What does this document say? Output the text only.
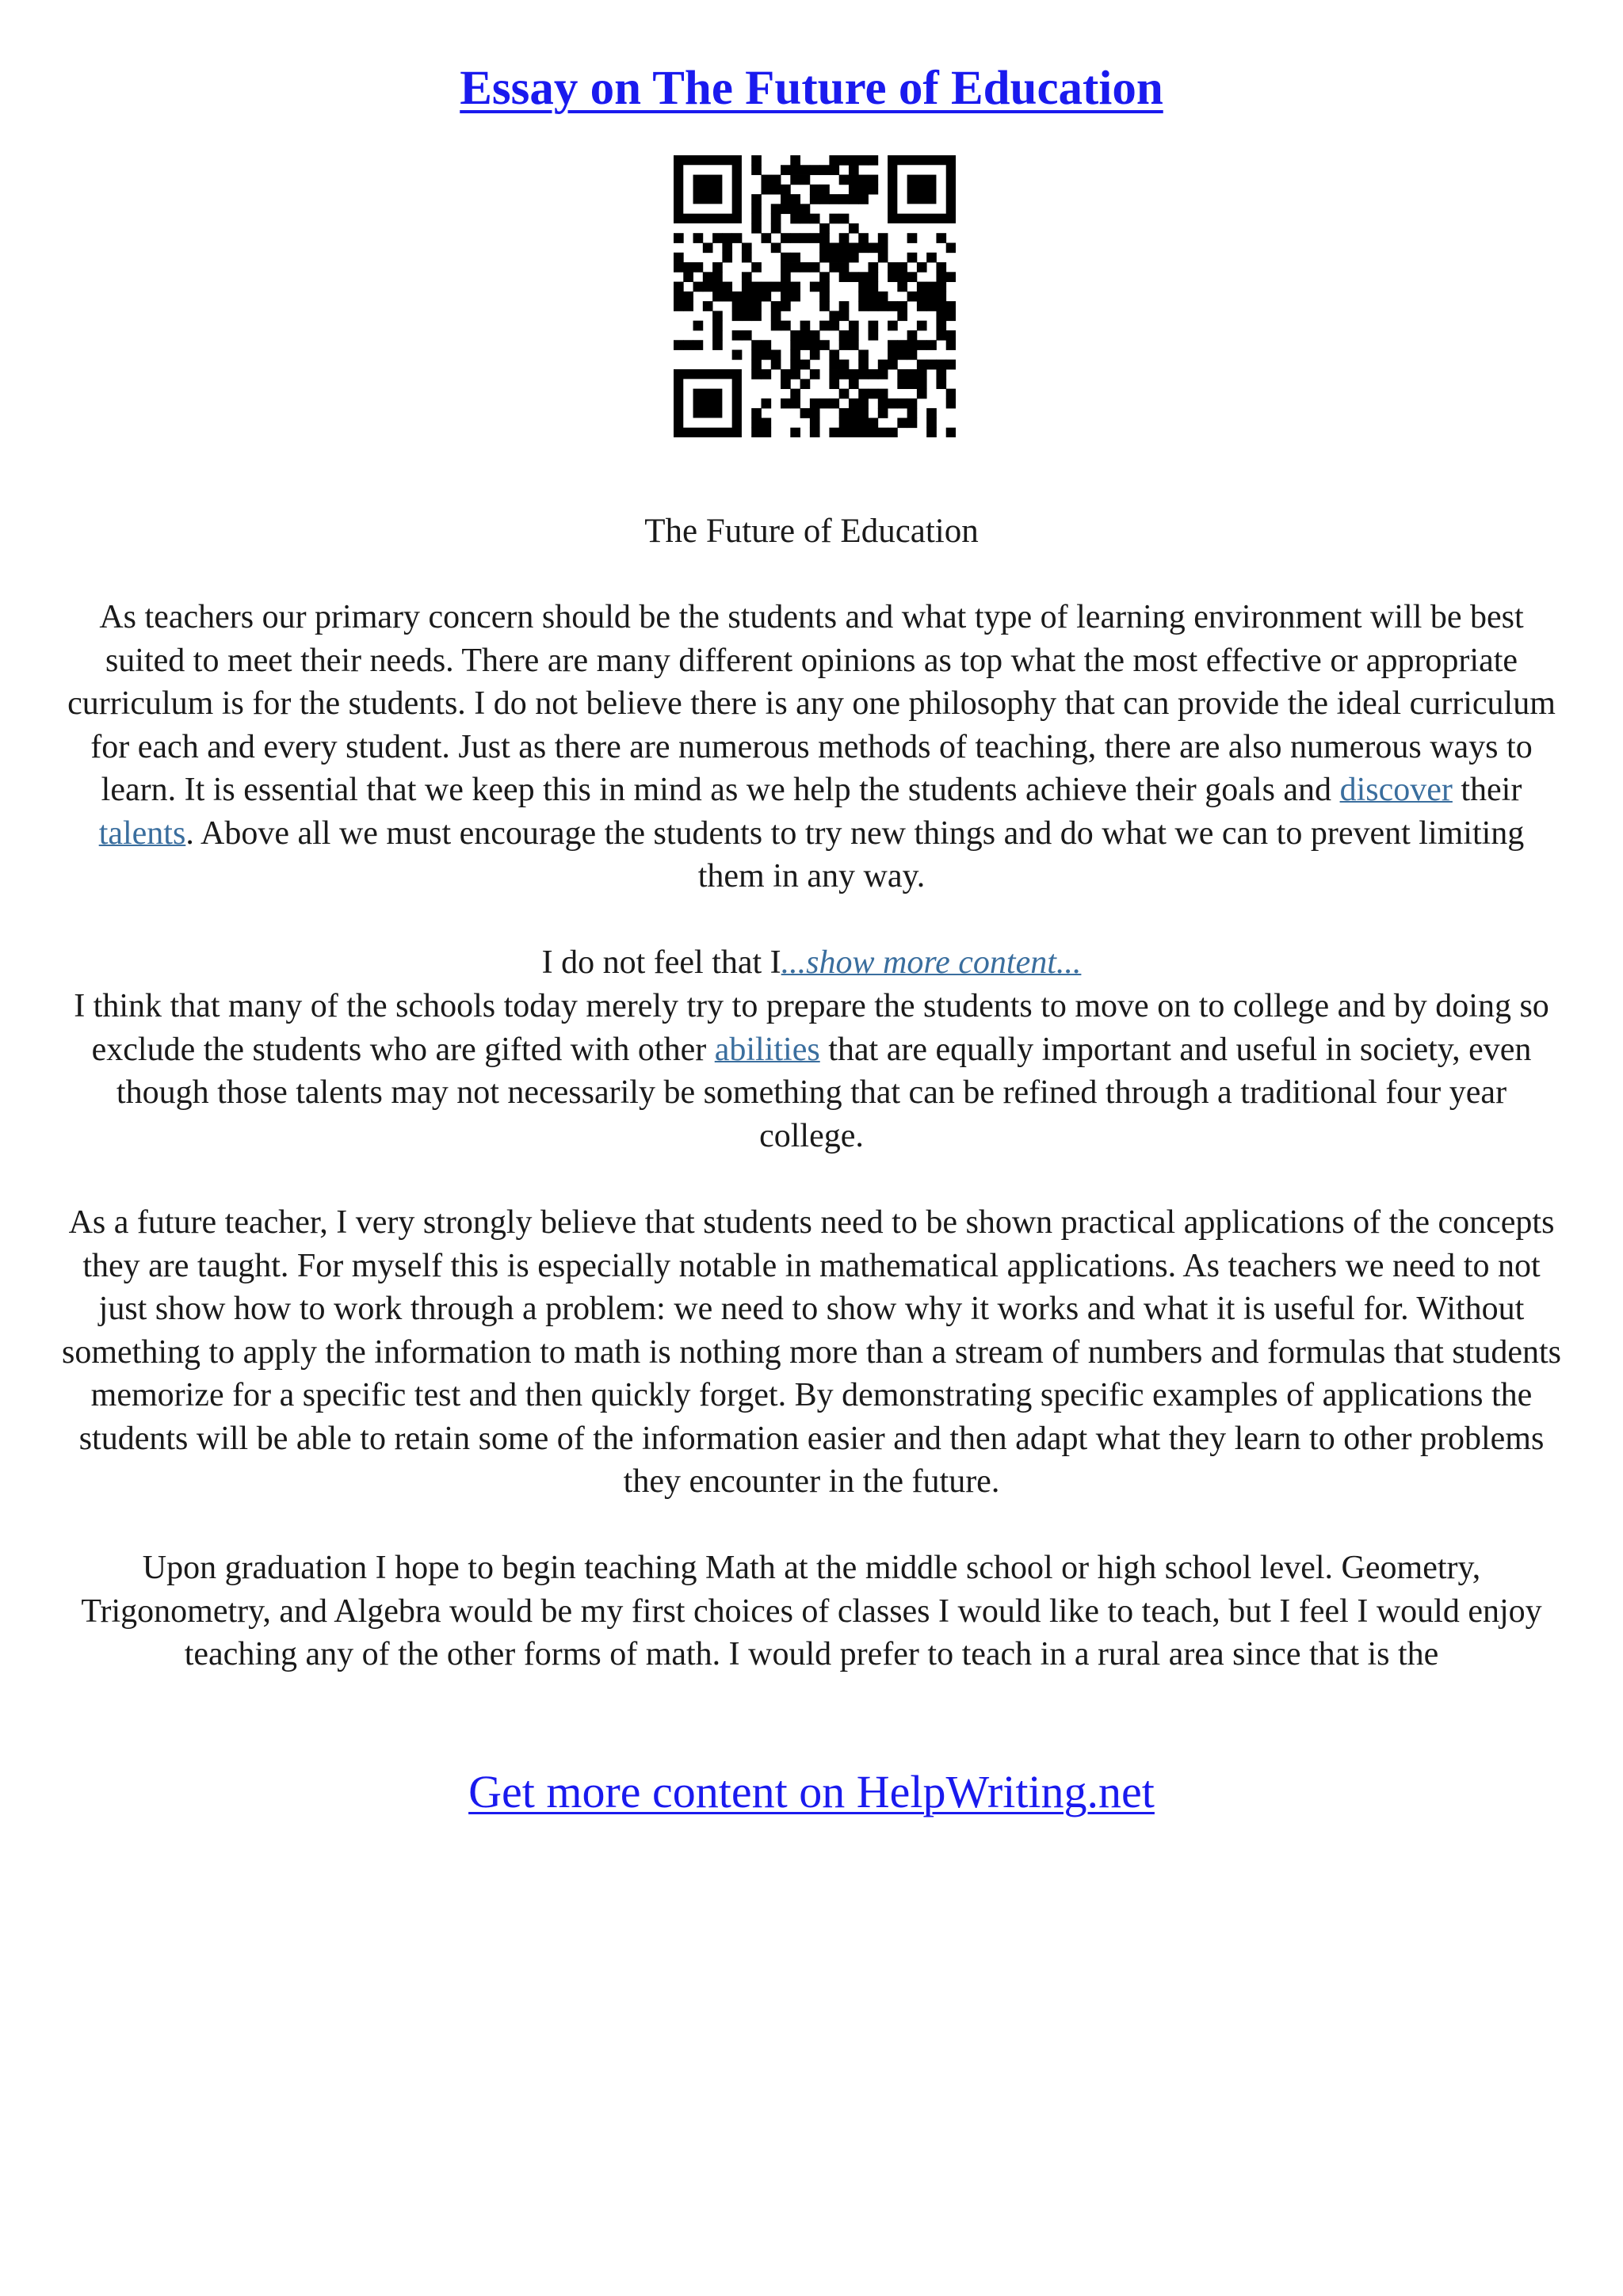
Essay on The Future of Education
The Future of Education

As teachers our primary concern should be the students and what type of learning environment will be best suited to meet their needs. There are many different opinions as top what the most effective or appropriate curriculum is for the students. I do not believe there is any one philosophy that can provide the ideal curriculum for each and every student. Just as there are numerous methods of teaching, there are also numerous ways to learn. It is essential that we keep this in mind as we help the students achieve their goals and discover their talents. Above all we must encourage the students to try new things and do what we can to prevent limiting them in any way.

I do not feel that I...show more content...

I think that many of the schools today merely try to prepare the students to move on to college and by doing so exclude the students who are gifted with other abilities that are equally important and useful in society, even though those talents may not necessarily be something that can be refined through a traditional four year college.

As a future teacher, I very strongly believe that students need to be shown practical applications of the concepts they are taught. For myself this is especially notable in mathematical applications. As teachers we need to not just show how to work through a problem: we need to show why it works and what it is useful for. Without something to apply the information to math is nothing more than a stream of numbers and formulas that students memorize for a specific test and then quickly forget. By demonstrating specific examples of applications the students will be able to retain some of the information easier and then adapt what they learn to other problems they encounter in the future.

Upon graduation I hope to begin teaching Math at the middle school or high school level. Geometry, Trigonometry, and Algebra would be my first choices of classes I would like to teach, but I feel I would enjoy teaching any of the other forms of math. I would prefer to teach in a rural area since that is the

Get more content on HelpWriting.net
